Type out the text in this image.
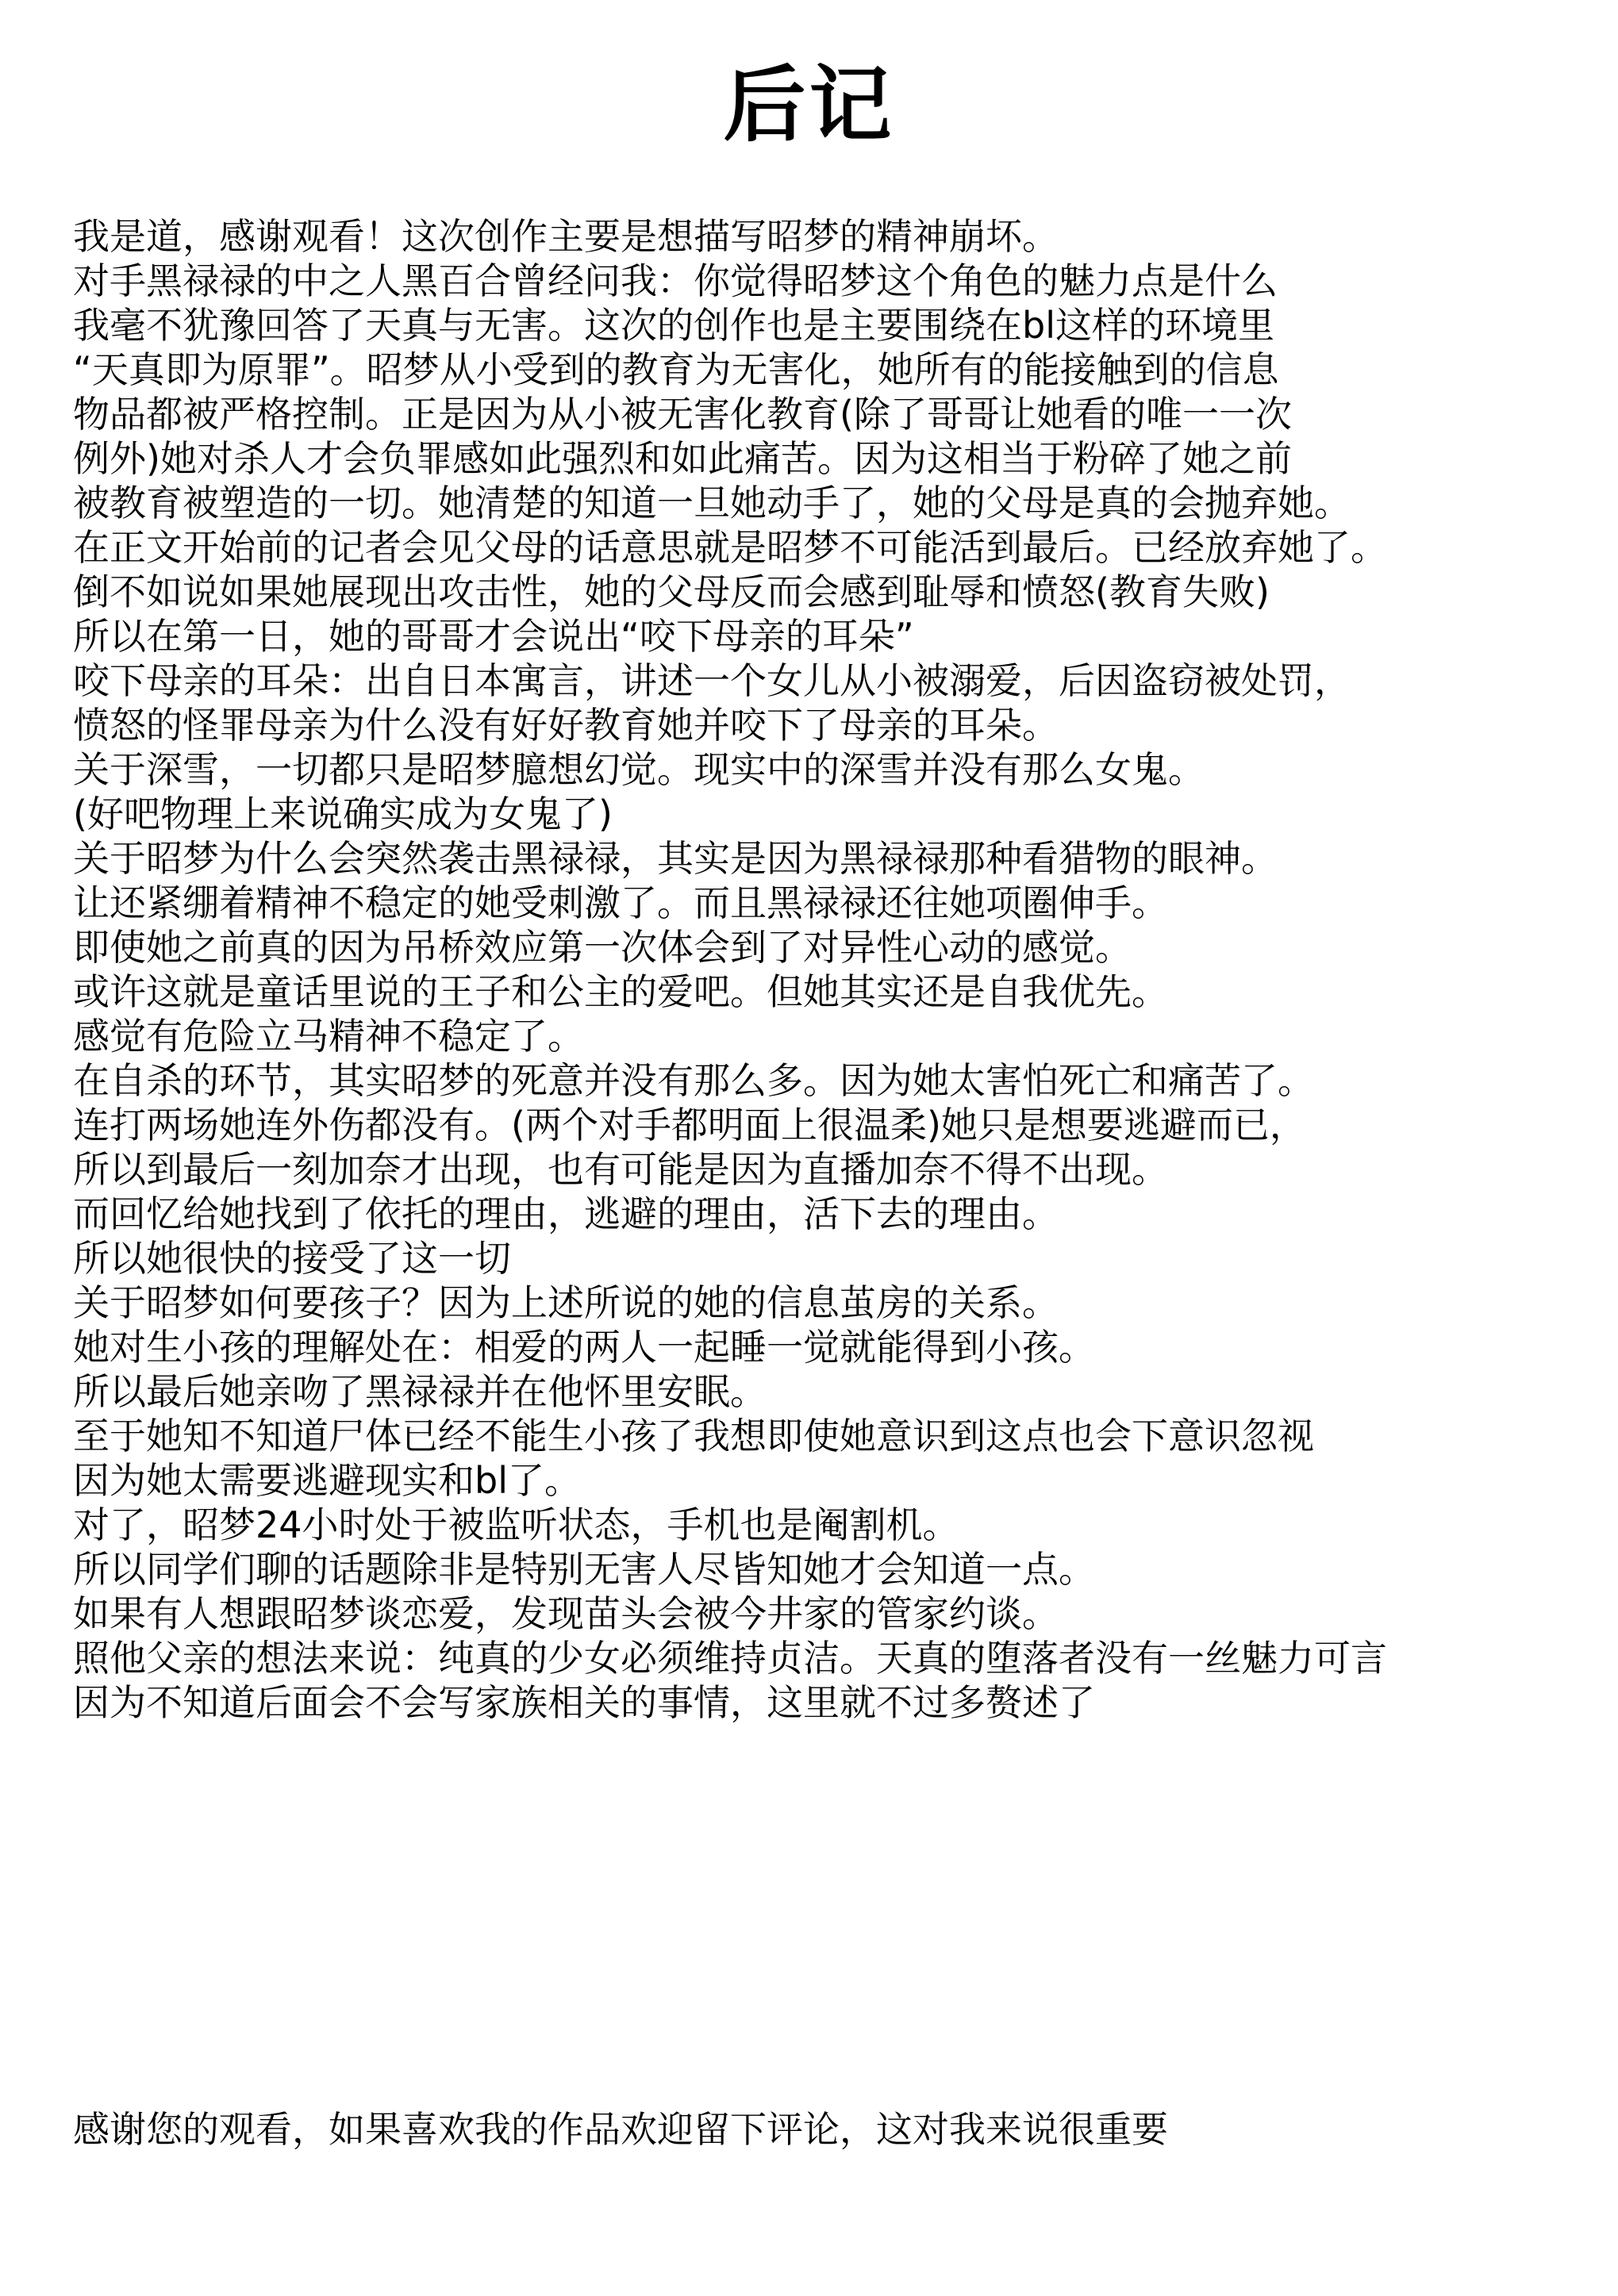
后记
我是道，感谢观看！这次创作主要是想描写昭梦的精神崩坏。
对手黑禄禄的中之人黑百合曾经问我：你觉得昭梦这个角色的魅力点是什么
我毫不犹豫回答了天真与无害。这次的创作也是主要围绕在bl这样的环境里
“天真即为原罪”。昭梦从小受到的教育为无害化，她所有的能接触到的信息
物品都被严格控制。正是因为从小被无害化教育(除了哥哥让她看的唯一一次
例外)她对杀人才会负罪感如此强烈和如此痛苦。因为这相当于粉碎了她之前
被教育被塑造的一切。她清楚的知道一旦她动手了，她的父母是真的会抛弃她。
在正文开始前的记者会见父母的话意思就是昭梦不可能活到最后。已经放弃她了。
倒不如说如果她展现出攻击性，她的父母反而会感到耻辱和愤怒(教育失败)
所以在第一日，她的哥哥才会说出“咬下母亲的耳朵”
咬下母亲的耳朵：出自日本寓言，讲述一个女儿从小被溺爱，后因盗窃被处罚，
愤怒的怪罪母亲为什么没有好好教育她并咬下了母亲的耳朵。
关于深雪，一切都只是昭梦臆想幻觉。现实中的深雪并没有那么女鬼。
(好吧物理上来说确实成为女鬼了)
关于昭梦为什么会突然袭击黑禄禄，其实是因为黑禄禄那种看猎物的眼神。
让还紧绷着精神不稳定的她受刺激了。而且黑禄禄还往她项圈伸手。
即使她之前真的因为吊桥效应第一次体会到了对异性心动的感觉。
或许这就是童话里说的王子和公主的爱吧。但她其实还是自我优先。
感觉有危险立马精神不稳定了。
在自杀的环节，其实昭梦的死意并没有那么多。因为她太害怕死亡和痛苦了。
连打两场她连外伤都没有。(两个对手都明面上很温柔)她只是想要逃避而已，
所以到最后一刻加奈才出现，也有可能是因为直播加奈不得不出现。
而回忆给她找到了依托的理由，逃避的理由，活下去的理由。
所以她很快的接受了这一切
关于昭梦如何要孩子？因为上述所说的她的信息茧房的关系。
她对生小孩的理解处在：相爱的两人一起睡一觉就能得到小孩。
所以最后她亲吻了黑禄禄并在他怀里安眠。
至于她知不知道尸体已经不能生小孩了我想即使她意识到这点也会下意识忽视
因为她太需要逃避现实和bl了。
对了，昭梦24小时处于被监听状态，手机也是阉割机。
所以同学们聊的话题除非是特别无害人尽皆知她才会知道一点。
如果有人想跟昭梦谈恋爱，发现苗头会被今井家的管家约谈。
照他父亲的想法来说：纯真的少女必须维持贞洁。天真的堕落者没有一丝魅力可言
因为不知道后面会不会写家族相关的事情，这里就不过多赘述了
感谢您的观看，如果喜欢我的作品欢迎留下评论，这对我来说很重要
